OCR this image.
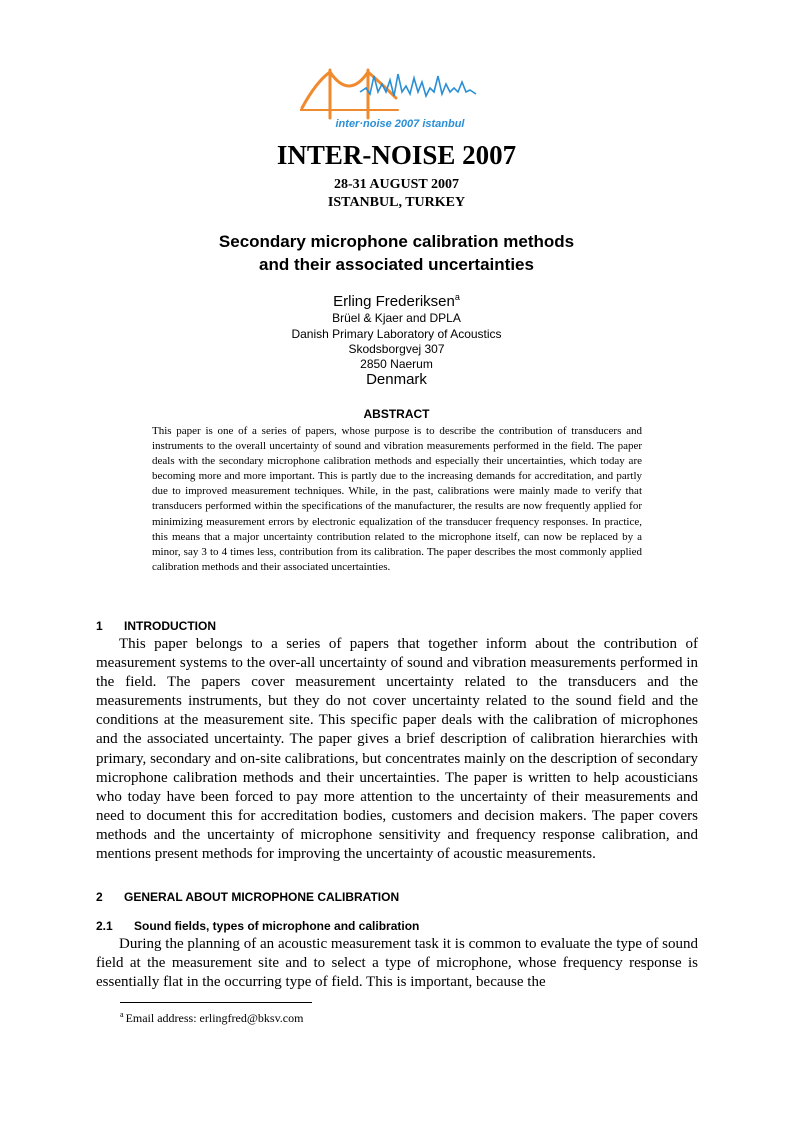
inter·noise 2007 istanbul
INTER-NOISE 2007
28-31 AUGUST 2007
ISTANBUL, TURKEY
Secondary microphone calibration methods
and their associated uncertainties
Erling Frederiksen$^a$
Brüel & Kjaer and DPLA
Danish Primary Laboratory of Acoustics
Skodsborgvej 307
2850 Naerum
Denmark
ABSTRACT

This paper is one of a series of papers, whose purpose is to describe the contribution of transducers and instruments to the overall uncertainty of sound and vibration measurements performed in the field. The paper deals with the secondary microphone calibration methods and especially their uncertainties, which today are becoming more and more important. This is partly due to the increasing demands for accreditation, and partly due to improved measurement techniques. While, in the past, calibrations were mainly made to verify that transducers performed within the specifications of the manufacturer, the results are now frequently applied for minimizing measurement errors by electronic equalization of the transducer frequency responses. In practice, this means that a major uncertainty contribution related to the microphone itself, can now be replaced by a minor, say 3 to 4 times less, contribution from its calibration. The paper describes the most commonly applied calibration methods and their associated uncertainties.

1 INTRODUCTION

This paper belongs to a series of papers that together inform about the contribution of measurement systems to the over-all uncertainty of sound and vibration measurements performed in the field. The papers cover measurement uncertainty related to the transducers and the measurements instruments, but they do not cover uncertainty related to the sound field and the conditions at the measurement site. This specific paper deals with the calibration of microphones and the associated uncertainty. The paper gives a brief description of calibration hierarchies with primary, secondary and on-site calibrations, but concentrates mainly on the description of secondary microphone calibration methods and their uncertainties. The paper is written to help acousticians who today have been forced to pay more attention to the uncertainty of their measurements and need to document this for accreditation bodies, customers and decision makers. The paper covers methods and the uncertainty of microphone sensitivity and frequency response calibration, and mentions present methods for improving the uncertainty of acoustic measurements.

2 GENERAL ABOUT MICROPHONE CALIBRATION
2.1 Sound fields, types of microphone and calibration

During the planning of an acoustic measurement task it is common to evaluate the type of sound field at the measurement site and to select a type of microphone, whose frequency response is essentially flat in the occurring type of field. This is important, because the

$^a$ Email address: erlingfred@bksv.com
